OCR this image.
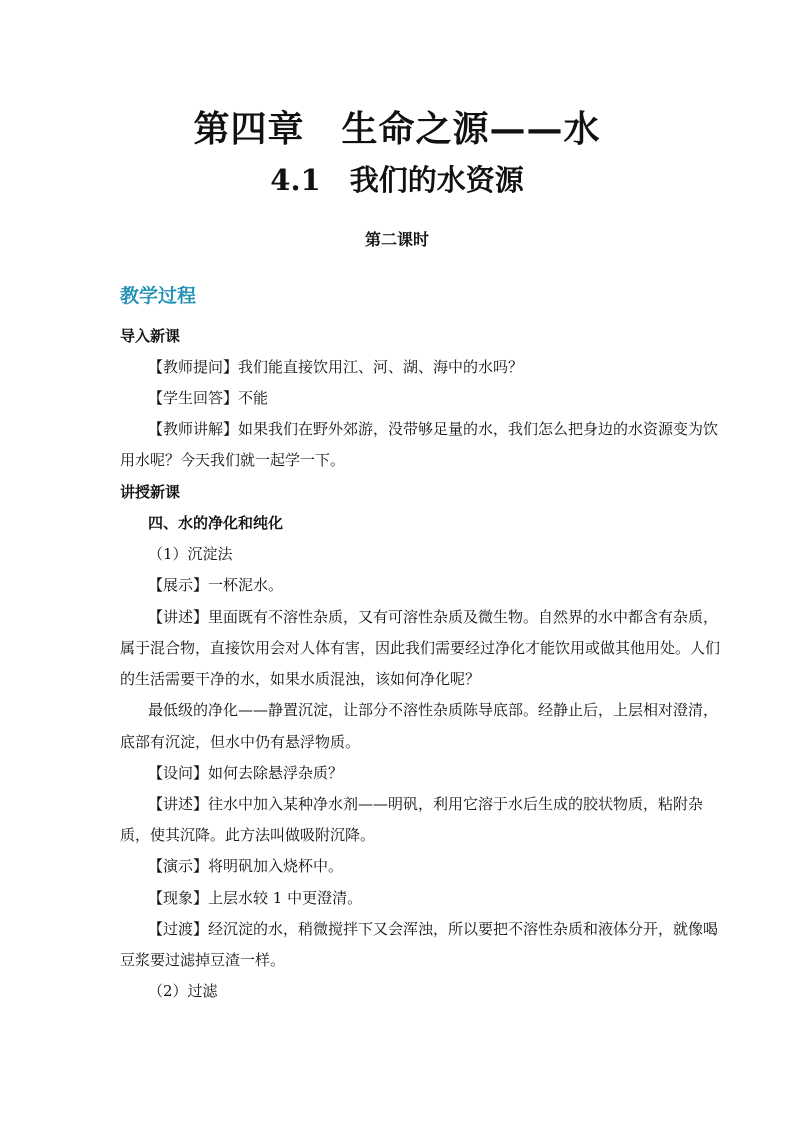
第四章　生命之源——水
4.1　我们的水资源
第二课时
教学过程
导入新课
【教师提问】我们能直接饮用江、河、湖、海中的水吗？
【学生回答】不能
【教师讲解】如果我们在野外郊游，没带够足量的水，我们怎么把身边的水资源变为饮
用水呢？今天我们就一起学一下。
讲授新课
四、水的净化和纯化
（1）沉淀法
【展示】一杯泥水。
【讲述】里面既有不溶性杂质，又有可溶性杂质及微生物。自然界的水中都含有杂质，
属于混合物，直接饮用会对人体有害，因此我们需要经过净化才能饮用或做其他用处。人们
的生活需要干净的水，如果水质混浊，该如何净化呢？
最低级的净化——静置沉淀，让部分不溶性杂质陈导底部。经静止后，上层相对澄清，
底部有沉淀，但水中仍有悬浮物质。
【设问】如何去除悬浮杂质？
【讲述】往水中加入某种净水剂——明矾，利用它溶于水后生成的胶状物质，粘附杂
质，使其沉降。此方法叫做吸附沉降。
【演示】将明矾加入烧杯中。
【现象】上层水较 1 中更澄清。
【过渡】经沉淀的水，稍微搅拌下又会浑浊，所以要把不溶性杂质和液体分开，就像喝
豆浆要过滤掉豆渣一样。
（2）过滤
